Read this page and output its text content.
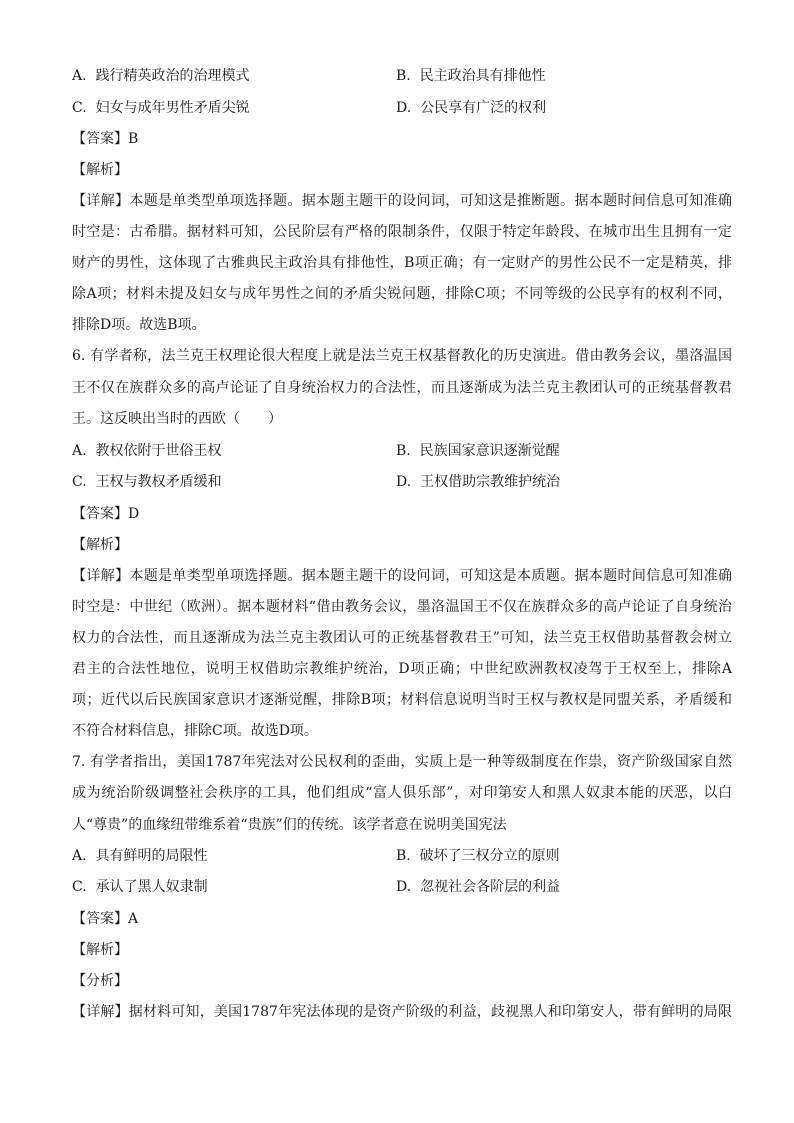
A. 践行精英政治的治理模式	B. 民主政治具有排他性
C. 妇女与成年男性矛盾尖锐	D. 公民享有广泛的权利
【答案】B
【解析】
【详解】本题是单类型单项选择题。据本题主题干的设问词，可知这是推断题。据本题时间信息可知准确
时空是：古希腊。据材料可知，公民阶层有严格的限制条件，仅限于特定年龄段、在城市出生且拥有一定
财产的男性，这体现了古雅典民主政治具有排他性，B项正确；有一定财产的男性公民不一定是精英，排
除A项；材料未提及妇女与成年男性之间的矛盾尖锐问题，排除C项；不同等级的公民享有的权利不同，
排除D项。故选B项。
6. 有学者称，法兰克王权理论很大程度上就是法兰克王权基督教化的历史演进。借由教务会议，墨洛温国
王不仅在族群众多的高卢论证了自身统治权力的合法性，而且逐渐成为法兰克主教团认可的正统基督教君
王。这反映出当时的西欧（　　）
A. 教权依附于世俗王权	B. 民族国家意识逐渐觉醒
C. 王权与教权矛盾缓和	D. 王权借助宗教维护统治
【答案】D
【解析】
【详解】本题是单类型单项选择题。据本题主题干的设问词，可知这是本质题。据本题时间信息可知准确
时空是：中世纪（欧洲）。据本题材料“借由教务会议，墨洛温国王不仅在族群众多的高卢论证了自身统治
权力的合法性，而且逐渐成为法兰克主教团认可的正统基督教君王”可知，法兰克王权借助基督教会树立
君主的合法性地位，说明王权借助宗教维护统治，D项正确；中世纪欧洲教权凌驾于王权至上，排除A
项；近代以后民族国家意识才逐渐觉醒，排除B项；材料信息说明当时王权与教权是同盟关系，矛盾缓和
不符合材料信息，排除C项。故选D项。
7. 有学者指出，美国1787年宪法对公民权利的歪曲，实质上是一种等级制度在作祟，资产阶级国家自然
成为统治阶级调整社会秩序的工具，他们组成“富人俱乐部”，对印第安人和黑人奴隶本能的厌恶，以白
人“尊贵”的血缘纽带维系着“贵族”们的传统。该学者意在说明美国宪法
A. 具有鲜明的局限性	B. 破坏了三权分立的原则
C. 承认了黑人奴隶制	D. 忽视社会各阶层的利益
【答案】A
【解析】
【分析】
【详解】据材料可知，美国1787年宪法体现的是资产阶级的利益，歧视黑人和印第安人，带有鲜明的局限
